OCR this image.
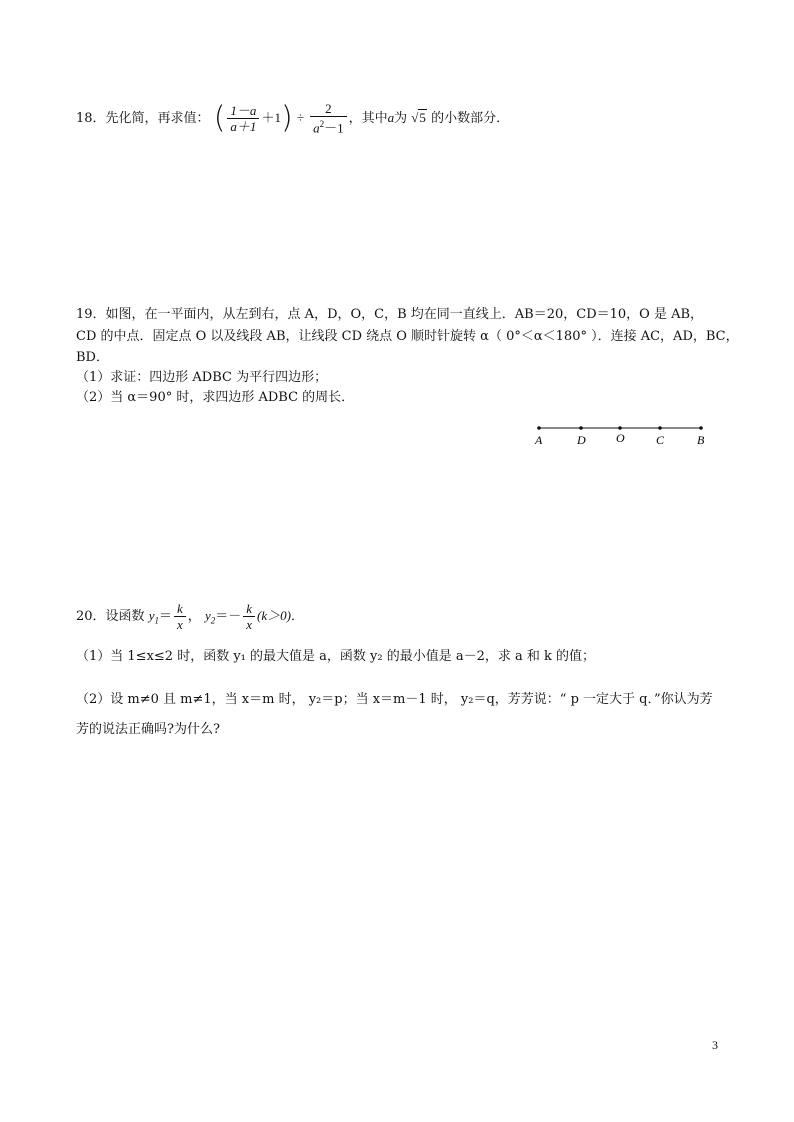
18．先化简，再求值： ( $\frac{1-a}{a+1} +1) \div \frac{2}{a^2-1}$ ，其中a为 √5 的小数部分．
19．如图，在一平面内，从左到右，点 A，D，O，C，B 均在同一直线上．AB＝20，CD＝10，O 是 AB，
CD 的中点．固定点 O 以及线段 AB，让线段 CD 绕点 O 顺时针旋转 α（ 0°＜α＜180° ）．连接 AC，AD，BC，
BD．
（1）求证：四边形 ADBC 为平行四边形；
（2）当 α＝90° 时，求四边形 ADBC 的周长．
A	D	O	C	B
20．设函数 $y_1= \frac{k}{x}$ ， $y_2=- \frac{k}{x} (k>0)$．
（1）当 1≤x≤2 时，函数 y₁ 的最大值是 a，函数 y₂ 的最小值是 a－2，求 a 和 k 的值；
（2）设 m≠0 且 m≠1，当 x＝m 时， y₂＝p；当 x＝m－1 时， y₂＝q，芳芳说：“ p 一定大于 q．”你认为芳
芳的说法正确吗?为什么?
3
